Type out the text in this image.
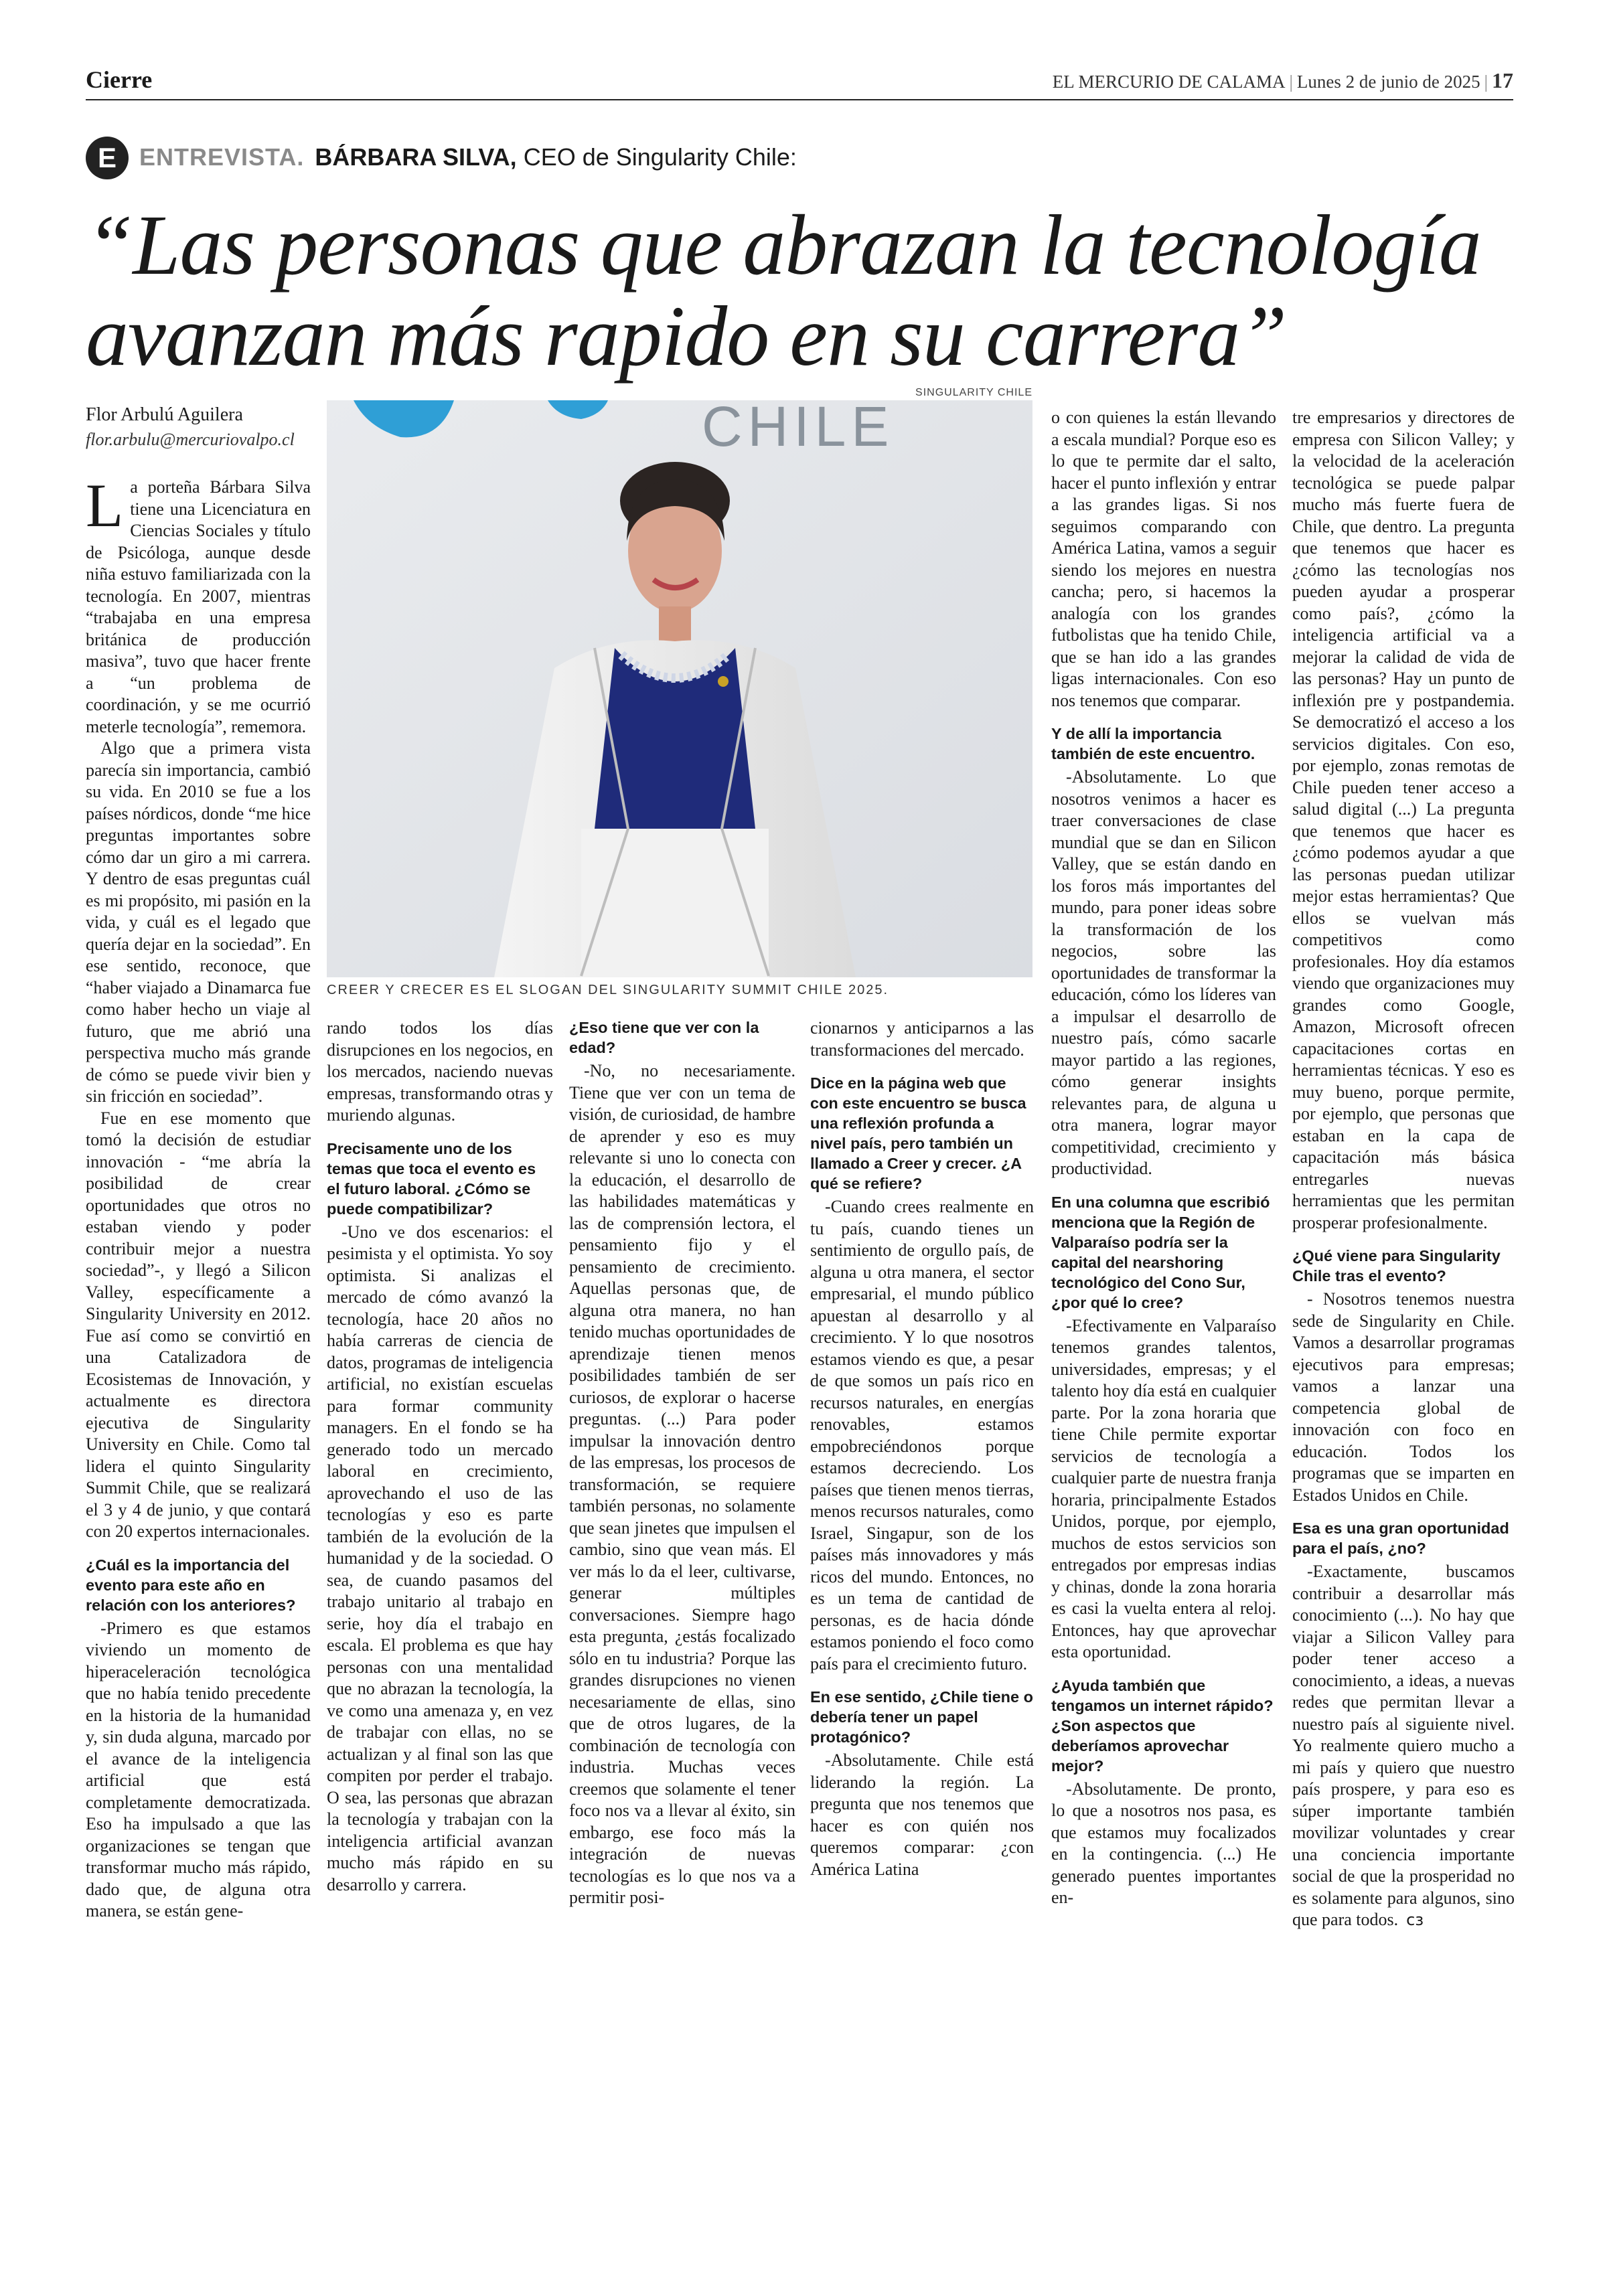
Cierre	EL MERCURIO DE CALAMA | Lunes 2 de junio de 2025 | 17
E ENTREVISTA. BÁRBARA SILVA, CEO de Singularity Chile:
“Las personas que abrazan la tecnología avanzan más rapido en su carrera”
Flor Arbulú Aguilera
flor.arbulu@mercuriovalpo.cl
SINGULARITY CHILE
CHILE
CREER Y CRECER ES EL SLOGAN DEL SINGULARITY SUMMIT CHILE 2025.

La porteña Bárbara Silva tiene una Licenciatura en Ciencias Sociales y título de Psicóloga, aunque desde niña estuvo familiarizada con la tecnología. En 2007, mientras “trabajaba en una empresa británica de producción masiva”, tuvo que hacer frente a “un problema de coordinación, y se me ocurrió meterle tecnología”, rememora.

Algo que a primera vista parecía sin importancia, cambió su vida. En 2010 se fue a los países nórdicos, donde “me hice preguntas importantes sobre cómo dar un giro a mi carrera. Y dentro de esas preguntas cuál es mi propósito, mi pasión en la vida, y cuál es el legado que quería dejar en la sociedad”. En ese sentido, reconoce, que “haber viajado a Dinamarca fue como haber hecho un viaje al futuro, que me abrió una perspectiva mucho más grande de cómo se puede vivir bien y sin fricción en sociedad”.

Fue en ese momento que tomó la decisión de estudiar innovación - “me abría la posibilidad de crear oportunidades que otros no estaban viendo y poder contribuir mejor a nuestra sociedad”-, y llegó a Silicon Valley, específicamente a Singularity University en 2012. Fue así como se convirtió en una Catalizadora de Ecosistemas de Innovación, y actualmente es directora ejecutiva de Singularity University en Chile. Como tal lidera el quinto Singularity Summit Chile, que se realizará el 3 y 4 de junio, y que contará con 20 expertos internacionales.

¿Cuál es la importancia del evento para este año en relación con los anteriores?

-Primero es que estamos viviendo un momento de hiperaceleración tecnológica que no había tenido precedente en la historia de la humanidad y, sin duda alguna, marcado por el avance de la inteligencia artificial que está completamente democratizada. Eso ha impulsado a que las organizaciones se tengan que transformar mucho más rápido, dado que, de alguna otra manera, se están gene-

rando todos los días disrupciones en los negocios, en los mercados, naciendo nuevas empresas, transformando otras y muriendo algunas.

Precisamente uno de los temas que toca el evento es el futuro laboral. ¿Cómo se puede compatibilizar?

-Uno ve dos escenarios: el pesimista y el optimista. Yo soy optimista. Si analizas el mercado de cómo avanzó la tecnología, hace 20 años no había carreras de ciencia de datos, programas de inteligencia artificial, no existían escuelas para formar community managers. En el fondo se ha generado todo un mercado laboral en crecimiento, aprovechando el uso de las tecnologías y eso es parte también de la evolución de la humanidad y de la sociedad. O sea, de cuando pasamos del trabajo unitario al trabajo en serie, hoy día el trabajo en escala. El problema es que hay personas con una mentalidad que no abrazan la tecnología, la ve como una amenaza y, en vez de trabajar con ellas, no se actualizan y al final son las que compiten por perder el trabajo. O sea, las personas que abrazan la tecnología y trabajan con la inteligencia artificial avanzan mucho más rápido en su desarrollo y carrera.

¿Eso tiene que ver con la edad?

-No, no necesariamente. Tiene que ver con un tema de visión, de curiosidad, de hambre de aprender y eso es muy relevante si uno lo conecta con la educación, el desarrollo de las habilidades matemáticas y las de comprensión lectora, el pensamiento fijo y el pensamiento de crecimiento. Aquellas personas que, de alguna otra manera, no han tenido muchas oportunidades de aprendizaje tienen menos posibilidades también de ser curiosos, de explorar o hacerse preguntas. (...) Para poder impulsar la innovación dentro de las empresas, los procesos de transformación, se requiere también personas, no solamente que sean jinetes que impulsen el cambio, sino que vean más. El ver más lo da el leer, cultivarse, generar múltiples conversaciones. Siempre hago esta pregunta, ¿estás focalizado sólo en tu industria? Porque las grandes disrupciones no vienen necesariamente de ellas, sino que de otros lugares, de la combinación de tecnología con industria. Muchas veces creemos que solamente el tener foco nos va a llevar al éxito, sin embargo, ese foco más la integración de nuevas tecnologías es lo que nos va a permitir posi-

cionarnos y anticiparnos a las transformaciones del mercado.

Dice en la página web que con este encuentro se busca una reflexión profunda a nivel país, pero también un llamado a Creer y crecer. ¿A qué se refiere?

-Cuando crees realmente en tu país, cuando tienes un sentimiento de orgullo país, de alguna u otra manera, el sector empresarial, el mundo público apuestan al desarrollo y al crecimiento. Y lo que nosotros estamos viendo es que, a pesar de que somos un país rico en recursos naturales, en energías renovables, estamos empobreciéndonos porque estamos decreciendo. Los países que tienen menos tierras, menos recursos naturales, como Israel, Singapur, son de los países más innovadores y más ricos del mundo. Entonces, no es un tema de cantidad de personas, es de hacia dónde estamos poniendo el foco como país para el crecimiento futuro.

En ese sentido, ¿Chile tiene o debería tener un papel protagónico?

-Absolutamente. Chile está liderando la región. La pregunta que nos tenemos que hacer es con quién nos queremos comparar: ¿con América Latina

o con quienes la están llevando a escala mundial? Porque eso es lo que te permite dar el salto, hacer el punto inflexión y entrar a las grandes ligas. Si nos seguimos comparando con América Latina, vamos a seguir siendo los mejores en nuestra cancha; pero, si hacemos la analogía con los grandes futbolistas que ha tenido Chile, que se han ido a las grandes ligas internacionales. Con eso nos tenemos que comparar.

Y de allí la importancia también de este encuentro.

-Absolutamente. Lo que nosotros venimos a hacer es traer conversaciones de clase mundial que se dan en Silicon Valley, que se están dando en los foros más importantes del mundo, para poner ideas sobre la transformación de los negocios, sobre las oportunidades de transformar la educación, cómo los líderes van a impulsar el desarrollo de nuestro país, cómo sacarle mayor partido a las regiones, cómo generar insights relevantes para, de alguna u otra manera, lograr mayor competitividad, crecimiento y productividad.

En una columna que escribió menciona que la Región de Valparaíso podría ser la capital del nearshoring tecnológico del Cono Sur, ¿por qué lo cree?

-Efectivamente en Valparaíso tenemos grandes talentos, universidades, empresas; y el talento hoy día está en cualquier parte. Por la zona horaria que tiene Chile permite exportar servicios de tecnología a cualquier parte de nuestra franja horaria, principalmente Estados Unidos, porque, por ejemplo, muchos de estos servicios son entregados por empresas indias y chinas, donde la zona horaria es casi la vuelta entera al reloj. Entonces, hay que aprovechar esta oportunidad.

¿Ayuda también que tengamos un internet rápido? ¿Son aspectos que deberíamos aprovechar mejor?

-Absolutamente. De pronto, lo que a nosotros nos pasa, es que estamos muy focalizados en la contingencia. (...) He generado puentes importantes en-

tre empresarios y directores de empresa con Silicon Valley; y la velocidad de la aceleración tecnológica se puede palpar mucho más fuerte fuera de Chile, que dentro. La pregunta que tenemos que hacer es ¿cómo las tecnologías nos pueden ayudar a prosperar como país?, ¿cómo la inteligencia artificial va a mejorar la calidad de vida de las personas? Hay un punto de inflexión pre y postpandemia. Se democratizó el acceso a los servicios digitales. Con eso, por ejemplo, zonas remotas de Chile pueden tener acceso a salud digital (...) La pregunta que tenemos que hacer es ¿cómo podemos ayudar a que las personas puedan utilizar mejor estas herramientas? Que ellos se vuelvan más competitivos como profesionales. Hoy día estamos viendo que organizaciones muy grandes como Google, Amazon, Microsoft ofrecen capacitaciones cortas en herramientas técnicas. Y eso es muy bueno, porque permite, por ejemplo, que personas que estaban en la capa de capacitación más básica entregarles nuevas herramientas que les permitan prosperar profesionalmente.

¿Qué viene para Singularity Chile tras el evento?

- Nosotros tenemos nuestra sede de Singularity en Chile. Vamos a desarrollar programas ejecutivos para empresas; vamos a lanzar una competencia global de innovación con foco en educación. Todos los programas que se imparten en Estados Unidos en Chile.

Esa es una gran oportunidad para el país, ¿no?

-Exactamente, buscamos contribuir a desarrollar más conocimiento (...). No hay que viajar a Silicon Valley para poder tener acceso a conocimiento, a ideas, a nuevas redes que permitan llevar a nuestro país al siguiente nivel. Yo realmente quiero mucho a mi país y quiero que nuestro país prospere, y para eso es súper importante también movilizar voluntades y crear una conciencia importante social de que la prosperidad no es solamente para algunos, sino que para todos. ᴄз
